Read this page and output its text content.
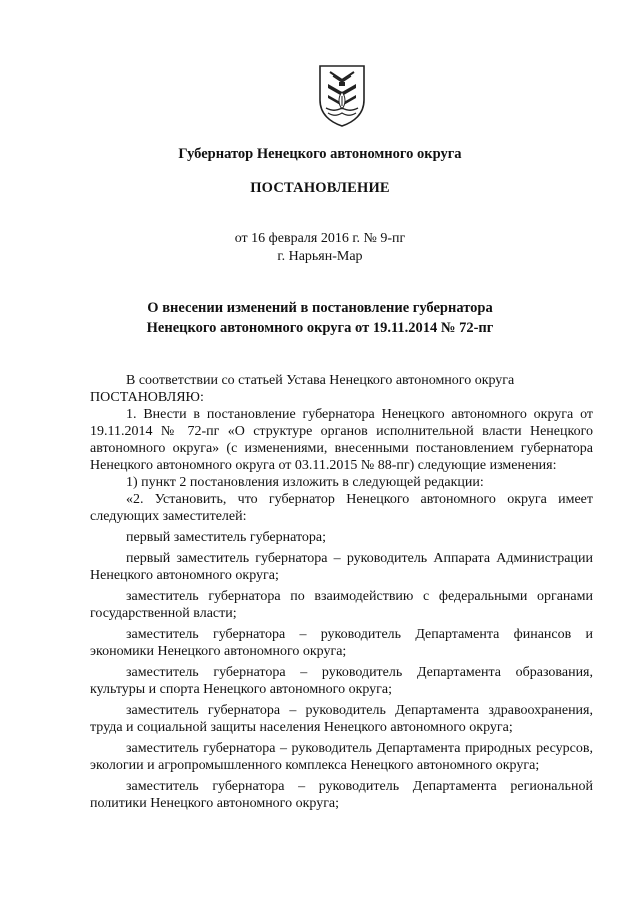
Губернатор Ненецкого автономного округа
ПОСТАНОВЛЕНИЕ
от 16 февраля 2016 г. № 9-пг
г. Нарьян-Мар
О внесении изменений в постановление губернатора
Ненецкого автономного округа от 19.11.2014 № 72-пг

В соответствии со статьей Устава Ненецкого автономного округа

ПОСТАНОВЛЯЮ:

1. Внести в постановление губернатора Ненецкого автономного округа от 19.11.2014 № 72-пг «О структуре органов исполнительной власти Ненецкого автономного округа» (с изменениями, внесенными постановлением губернатора Ненецкого автономного округа от 03.11.2015 № 88-пг) следующие изменения:

1) пункт 2 постановления изложить в следующей редакции:

«2. Установить, что губернатор Ненецкого автономного округа имеет следующих заместителей:

первый заместитель губернатора;

первый заместитель губернатора – руководитель Аппарата Администрации Ненецкого автономного округа;

заместитель губернатора по взаимодействию с федеральными органами государственной власти;

заместитель губернатора – руководитель Департамента финансов и экономики Ненецкого автономного округа;

заместитель губернатора – руководитель Департамента образования, культуры и спорта Ненецкого автономного округа;

заместитель губернатора – руководитель Департамента здравоохранения, труда и социальной защиты населения Ненецкого автономного округа;

заместитель губернатора – руководитель Департамента природных ресурсов, экологии и агропромышленного комплекса Ненецкого автономного округа;

заместитель губернатора – руководитель Департамента региональной политики Ненецкого автономного округа;
